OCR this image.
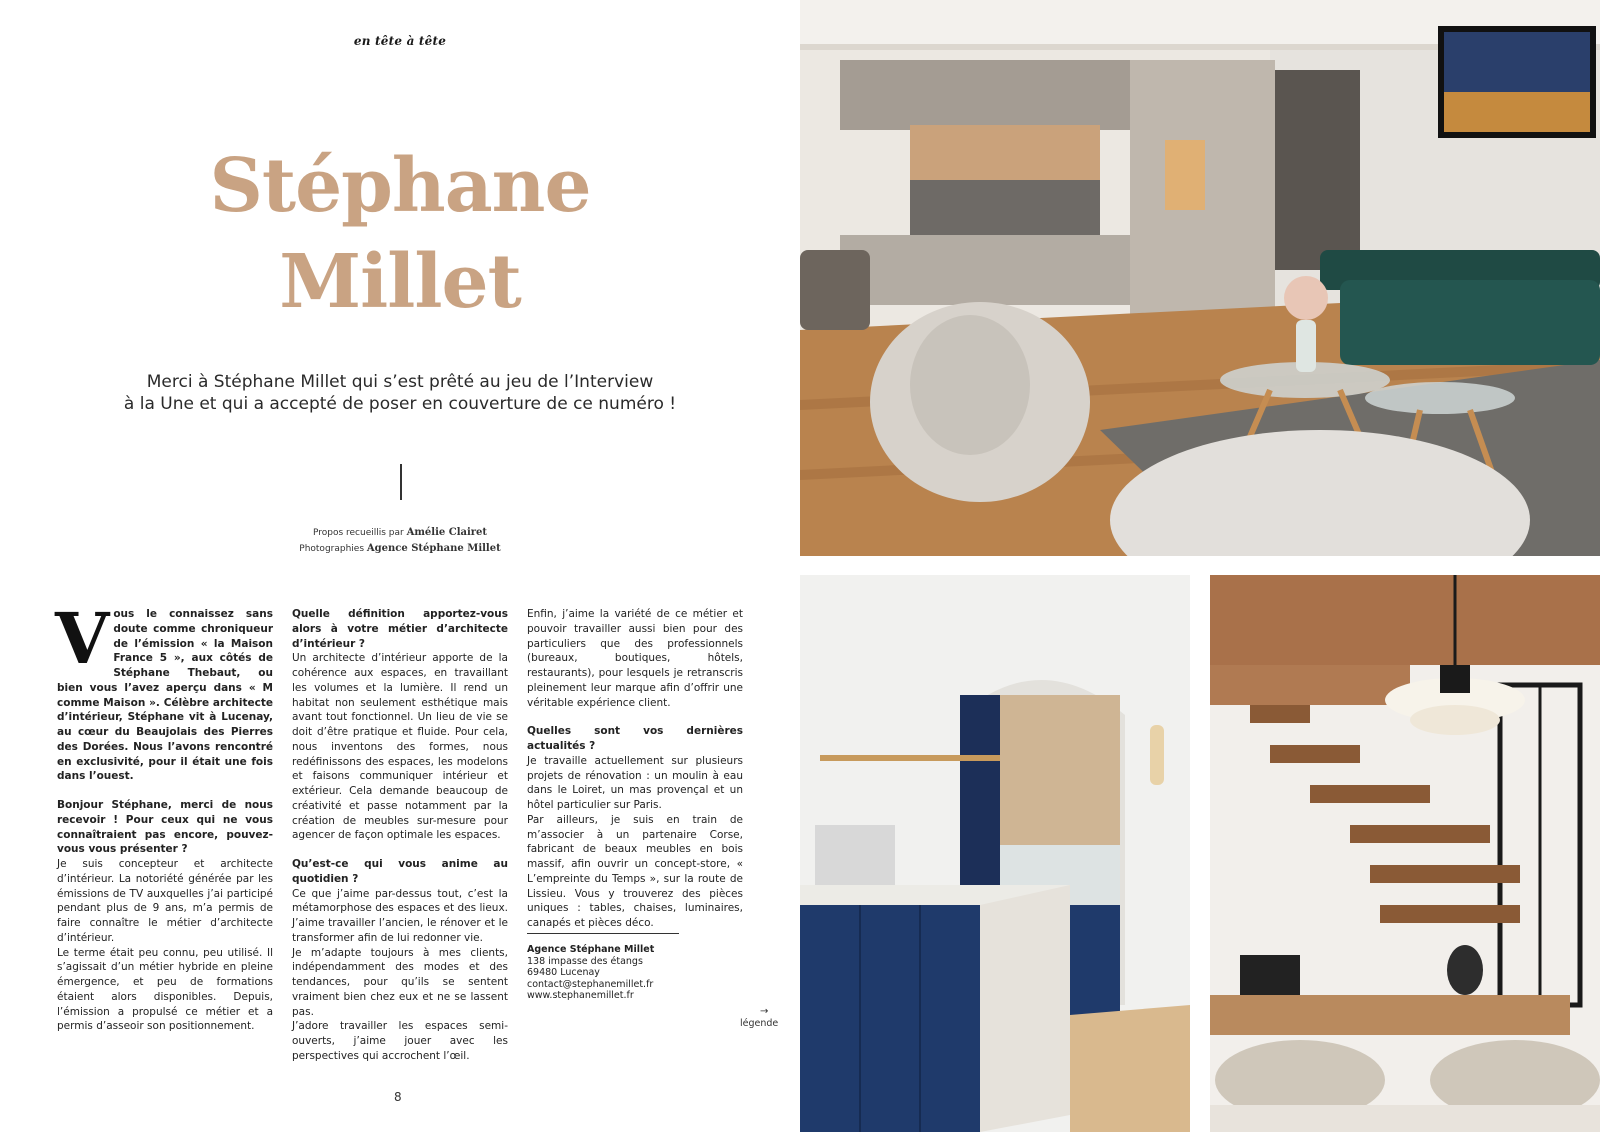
en tête à tête
Stéphane
Millet
Merci à Stéphane Millet qui s’est prêté au jeu de l’Interview
à la Une et qui a accepté de poser en couverture de ce numéro !
Propos recueillis par Amélie Clairet
Photographies Agence Stéphane Millet

Vous le connaissez sans doute comme chroniqueur de l’émission « la Maison France 5 », aux côtés de Stéphane Thebaut, ou bien vous l’avez aperçu dans « M comme Maison ». Célèbre architecte d’intérieur, Stéphane vit à Lucenay, au cœur du Beaujolais des Pierres des Dorées. Nous l’avons rencontré en exclusivité, pour il était une fois dans l’ouest.

Bonjour Stéphane, merci de nous recevoir ! Pour ceux qui ne vous connaîtraient pas encore, pouvez-vous vous présenter ?

Je suis concepteur et architecte d’intérieur. La notoriété générée par les émissions de TV auxquelles j’ai participé pendant plus de 9 ans, m’a permis de faire connaître le métier d’architecte d’intérieur.

Le terme était peu connu, peu utilisé. Il s’agissait d’un métier hybride en pleine émergence, et peu de formations étaient alors disponibles. Depuis, l’émission a propulsé ce métier et a permis d’asseoir son positionnement.

Quelle définition apportez-vous alors à votre métier d’architecte d’intérieur ?

Un architecte d’intérieur apporte de la cohérence aux espaces, en travaillant les volumes et la lumière. Il rend un habitat non seulement esthétique mais avant tout fonctionnel. Un lieu de vie se doit d’être pratique et fluide. Pour cela, nous inventons des formes, nous redéfinissons des espaces, les modelons et faisons communiquer intérieur et extérieur. Cela demande beaucoup de créativité et passe notamment par la création de meubles sur-mesure pour agencer de façon optimale les espaces.

Qu’est-ce qui vous anime au quotidien ?

Ce que j’aime par-dessus tout, c’est la métamorphose des espaces et des lieux. J’aime travailler l’ancien, le rénover et le transformer afin de lui redonner vie.

Je m’adapte toujours à mes clients, indépendamment des modes et des tendances, pour qu’ils se sentent vraiment bien chez eux et ne se lassent pas.

J’adore travailler les espaces semi-ouverts, j’aime jouer avec les perspectives qui accrochent l’œil.

Enfin, j’aime la variété de ce métier et pouvoir travailler aussi bien pour des particuliers que des professionnels (bureaux, boutiques, hôtels, restaurants), pour lesquels je retranscris pleinement leur marque afin d’offrir une véritable expérience client.

Quelles sont vos dernières actualités ?

Je travaille actuellement sur plusieurs projets de rénovation : un moulin à eau dans le Loiret, un mas provençal et un hôtel particulier sur Paris.

Par ailleurs, je suis en train de m’associer à un partenaire Corse, fabricant de beaux meubles en bois massif, afin ouvrir un concept-store, « L’empreinte du Temps », sur la route de Lissieu. Vous y trouverez des pièces uniques : tables, chaises, luminaires, canapés et pièces déco.

Agence Stéphane Millet
138 impasse des étangs
69480 Lucenay
contact@stephanemillet.fr
www.stephanemillet.fr
→
légende
8
